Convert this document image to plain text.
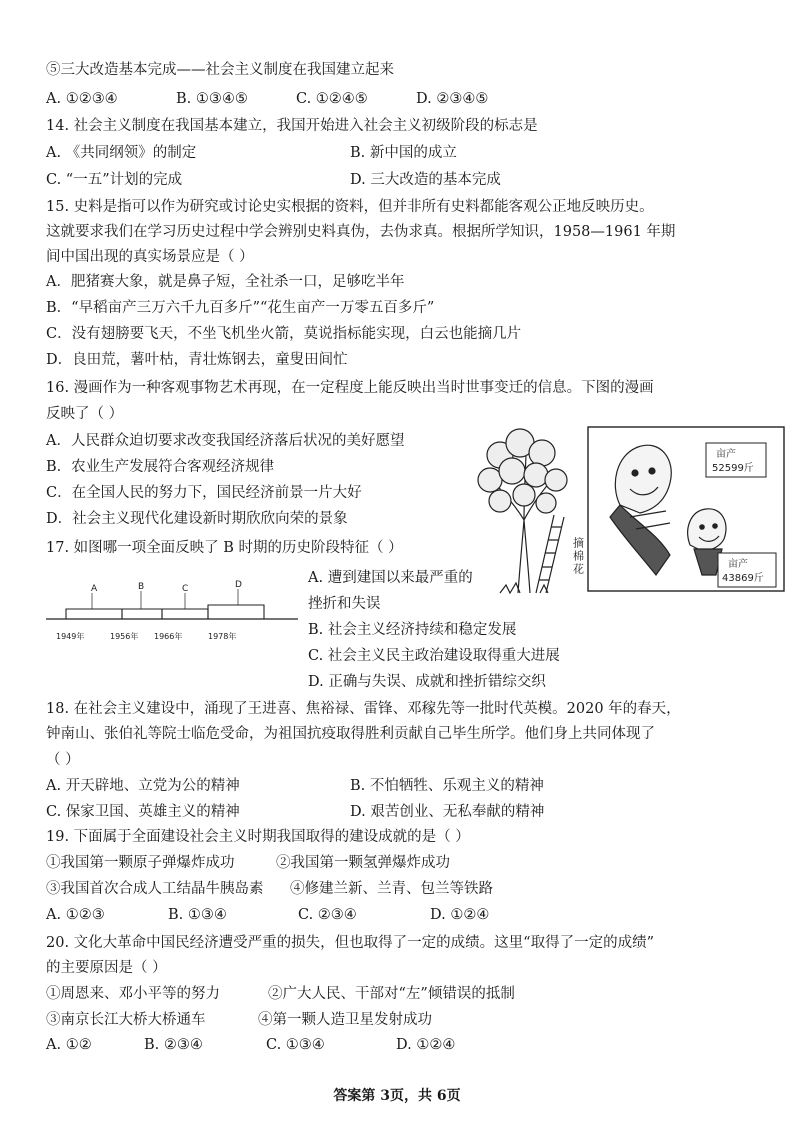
⑤三大改造基本完成——社会主义制度在我国建立起来
A. ①②③④	B. ①③④⑤	C. ①②④⑤	D. ②③④⑤
14. 社会主义制度在我国基本建立，我国开始进入社会主义初级阶段的标志是
A. 《共同纲领》的制定	B. 新中国的成立
C. “一五”计划的完成	D. 三大改造的基本完成
15. 史料是指可以作为研究或讨论史实根据的资料，但并非所有史料都能客观公正地反映历史。
这就要求我们在学习历史过程中学会辨别史料真伪，去伪求真。根据所学知识，1958—1961 年期
间中国出现的真实场景应是（ ）
A．肥猪赛大象，就是鼻子短，全社杀一口，足够吃半年
B．“早稻亩产三万六千九百多斤”“花生亩产一万零五百多斤”
C．没有翅膀要飞天，不坐飞机坐火箭，莫说指标能实现，白云也能摘几片
D．良田荒，薯叶枯，青壮炼钢去，童叟田间忙
16. 漫画作为一种客观事物艺术再现，在一定程度上能反映出当时世事变迁的信息。下图的漫画
反映了（ ）
A．人民群众迫切要求改变我国经济落后状况的美好愿望
B．农业生产发展符合客观经济规律
C．在全国人民的努力下，国民经济前景一片大好
D．社会主义现代化建设新时期欣欣向荣的景象
摘棉花
亩产
52599斤
亩产
43869斤
17. 如图哪一项全面反映了 B 时期的历史阶段特征（ ）
A	B	C	D
1949年	1956年 1966年	1978年
A. 遭到建国以来最严重的
挫折和失误
B. 社会主义经济持续和稳定发展
C. 社会主义民主政治建设取得重大进展
D. 正确与失误、成就和挫折错综交织
18. 在社会主义建设中，涌现了王进喜、焦裕禄、雷锋、邓稼先等一批时代英模。2020 年的春天，
钟南山、张伯礼等院士临危受命，为祖国抗疫取得胜利贡献自己毕生所学。他们身上共同体现了
（ ）
A. 开天辟地、立党为公的精神	B. 不怕牺牲、乐观主义的精神
C. 保家卫国、英雄主义的精神	D. 艰苦创业、无私奉献的精神
19. 下面属于全面建设社会主义时期我国取得的建设成就的是（ ）
①我国第一颗原子弹爆炸成功	②我国第一颗氢弹爆炸成功
③我国首次合成人工结晶牛胰岛素 ④修建兰新、兰青、包兰等铁路
A. ①②③	B. ①③④	C. ②③④	D. ①②④
20. 文化大革命中国民经济遭受严重的损失，但也取得了一定的成绩。这里“取得了一定的成绩”
的主要原因是（ ）
①周恩来、邓小平等的努力	②广大人民、干部对“左”倾错误的抵制
③南京长江大桥大桥通车	④第一颗人造卫星发射成功
A. ①②	B. ②③④	C. ①③④	D. ①②④
答案第 3页，共 6页
